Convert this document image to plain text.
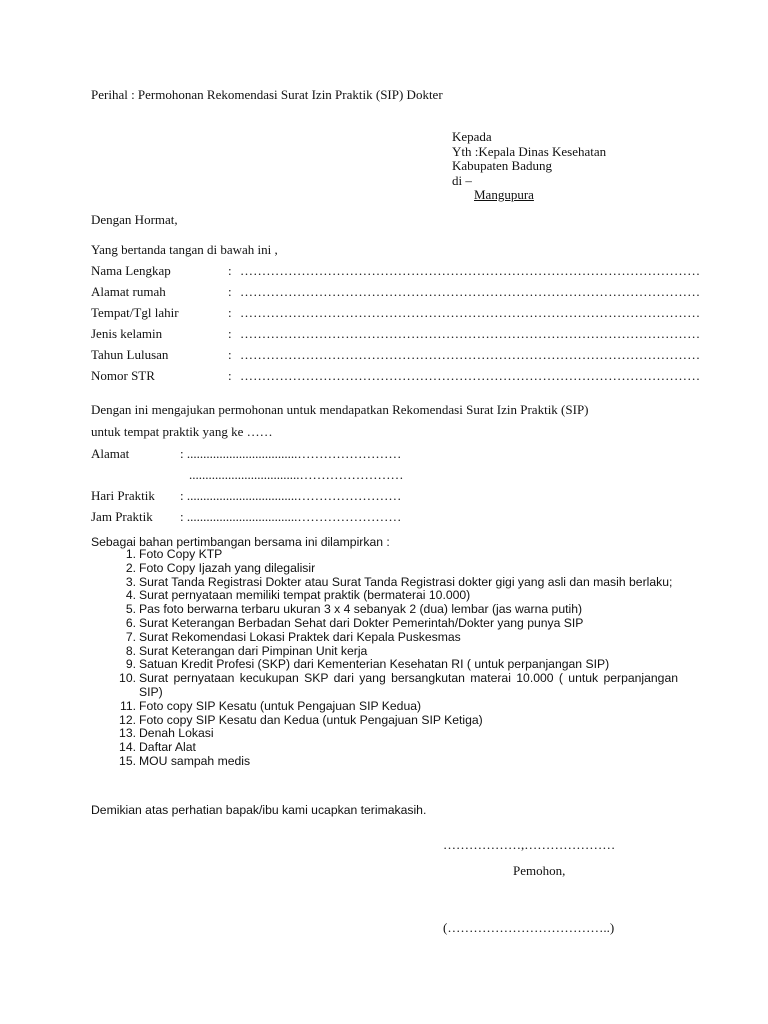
Perihal : Permohonan Rekomendasi Surat Izin Praktik (SIP) Dokter
Kepada
Yth :Kepala Dinas Kesehatan
Kabupaten Badung
di –
Mangupura
Dengan Hormat,
Yang bertanda tangan di bawah ini ,
Nama Lengkap	: ……………………………………………………………………………………………
Alamat rumah	: ……………………………………………………………………………………………
Tempat/Tgl lahir	: ……………………………………………………………………………………………
Jenis kelamin	: ……………………………………………………………………………………………
Tahun Lulusan	: ……………………………………………………………………………………………
Nomor STR	: ……………………………………………………………………………………………
Dengan ini mengajukan permohonan untuk mendapatkan Rekomendasi Surat Izin Praktik (SIP)
untuk tempat praktik yang ke ……
Alamat	: ..................................……………………
..................................……………………
Hari Praktik : ..................................……………………
Jam Praktik : ..................................……………………
Sebagai bahan pertimbangan bersama ini dilampirkan :
1. Foto Copy KTP
2. Foto Copy Ijazah yang dilegalisir
3. Surat Tanda Registrasi Dokter atau Surat Tanda Registrasi dokter gigi yang asli dan masih berlaku;
4. Surat pernyataan memiliki tempat praktik (bermaterai 10.000)
5. Pas foto berwarna terbaru ukuran 3 x 4 sebanyak 2 (dua) lembar (jas warna putih)
6. Surat Keterangan Berbadan Sehat dari Dokter Pemerintah/Dokter yang punya SIP
7. Surat Rekomendasi Lokasi Praktek dari Kepala Puskesmas
8. Surat Keterangan dari Pimpinan Unit kerja
9. Satuan Kredit Profesi (SKP) dari Kementerian Kesehatan RI ( untuk perpanjangan SIP)
10. Surat pernyataan kecukupan SKP dari yang bersangkutan materai 10.000 ( untuk perpanjangan SIP)
11. Foto copy SIP Kesatu (untuk Pengajuan SIP Kedua)
12. Foto copy SIP Kesatu dan Kedua (untuk Pengajuan SIP Ketiga)
13. Denah Lokasi
14. Daftar Alat
15. MOU sampah medis
Demikian atas perhatian bapak/ibu kami ucapkan terimakasih.
………………,…………………
Pemohon,
(………………………………..)
